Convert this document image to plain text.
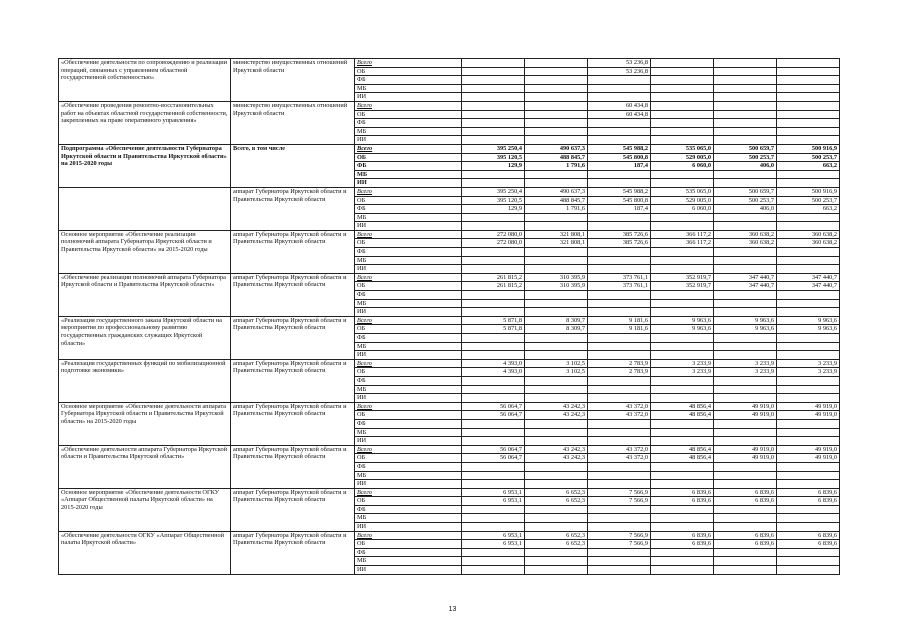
«Обеспечение деятельности по сопровождению и реализации операций, связанных с управлением областной государственной собственностью»	министерство имущественных отношений Иркутской области	Всего			53 236,8			
		ОБ			53 236,8			
		ФБ						
		МБ						
		ИИ						
«Обеспечение проведения ремонтно-восстановительных работ на объектах областной государственной собственности, закрепленных на праве оперативного управления»	министерство имущественных отношений Иркутской области	Всего			60 434,8			
		ОБ			60 434,8			
		ФБ						
		МБ						
		ИИ						
Подпрограмма «Обеспечение деятельности Губернатора Иркутской области и Правительства Иркутской области» на 2015-2020 годы	Всего, в том числе	Всего	395 250,4	490 637,3	545 988,2	535 065,0	500 659,7	500 916,9
		ОБ	395 120,5	488 845,7	545 800,8	529 005,0	500 253,7	500 253,7
		ФБ	129,9	1 791,6	187,4	6 060,0	406,0	663,2
		МБ						
		ИИ						
	аппарат Губернатора Иркутской области и Правительства Иркутской области	Всего	395 250,4	490 637,3	545 988,2	535 065,0	500 659,7	500 916,9
		ОБ	395 120,5	488 845,7	545 800,8	529 005,0	500 253,7	500 253,7
		ФБ	129,9	1 791,6	187,4	6 060,0	406,0	663,2
		МБ						
		ИИ						
Основное мероприятие «Обеспечение реализации полномочий аппарата Губернатора Иркутской области и Правительства Иркутской области» на 2015-2020 годы	аппарат Губернатора Иркутской области и Правительства Иркутской области	Всего	272 080,0	321 808,1	385 726,6	366 117,2	360 638,2	360 638,2
		ОБ	272 080,0	321 808,1	385 726,6	366 117,2	360 638,2	360 638,2
		ФБ						
		МБ						
		ИИ						
«Обеспечение реализации полномочий аппарата Губернатора Иркутской области и Правительства Иркутской области»	аппарат Губернатора Иркутской области и Правительства Иркутской области	Всего	261 815,2	310 395,9	373 761,1	352 919,7	347 440,7	347 440,7
		ОБ	261 815,2	310 395,9	373 761,1	352 919,7	347 440,7	347 440,7
		ФБ						
		МБ						
		ИИ						
«Реализация государственного заказа Иркутской области на мероприятия по профессиональному развитию государственных гражданских служащих Иркутской области»	аппарат Губернатора Иркутской области и Правительства Иркутской области	Всего	5 871,8	8 309,7	9 181,6	9 963,6	9 963,6	9 963,6
		ОБ	5 871,8	8 309,7	9 181,6	9 963,6	9 963,6	9 963,6
		ФБ						
		МБ						
		ИИ						
«Реализация государственных функций по мобилизационной подготовке экономики»	аппарат Губернатора Иркутской области и Правительства Иркутской области	Всего	4 393,0	3 102,5	2 783,9	3 233,9	3 233,9	3 233,9
		ОБ	4 393,0	3 102,5	2 783,9	3 233,9	3 233,9	3 233,9
		ФБ						
		МБ						
		ИИ						
Основное мероприятие «Обеспечение деятельности аппарата Губернатора Иркутской области и Правительства Иркутской области» на 2015-2020 годы	аппарат Губернатора Иркутской области и Правительства Иркутской области	Всего	56 064,7	43 242,3	43 372,0	48 856,4	49 919,0	49 919,0
		ОБ	56 064,7	43 242,3	43 372,0	48 856,4	49 919,0	49 919,0
		ФБ						
		МБ						
		ИИ						
«Обеспечение деятельности аппарата Губернатора Иркутской области и Правительства Иркутской области»	аппарат Губернатора Иркутской области и Правительства Иркутской области	Всего	56 064,7	43 242,3	43 372,0	48 856,4	49 919,0	49 919,0
		ОБ	56 064,7	43 242,3	43 372,0	48 856,4	49 919,0	49 919,0
		ФБ						
		МБ						
		ИИ						
Основное мероприятие «Обеспечение деятельности ОГКУ «Аппарат Общественной палаты Иркутской области» на 2015-2020 годы	аппарат Губернатора Иркутской области и Правительства Иркутской области	Всего	6 953,1	6 652,3	7 566,9	6 839,6	6 839,6	6 839,6
		ОБ	6 953,1	6 652,3	7 566,9	6 839,6	6 839,6	6 839,6
		ФБ						
		МБ						
		ИИ						
«Обеспечение деятельности ОГКУ «Аппарат Общественной палаты Иркутской области»	аппарат Губернатора Иркутской области и Правительства Иркутской области	Всего	6 953,1	6 652,3	7 566,9	6 839,6	6 839,6	6 839,6
		ОБ	6 953,1	6 652,3	7 566,9	6 839,6	6 839,6	6 839,6
		ФБ						
		МБ						
		ИИ						
13
